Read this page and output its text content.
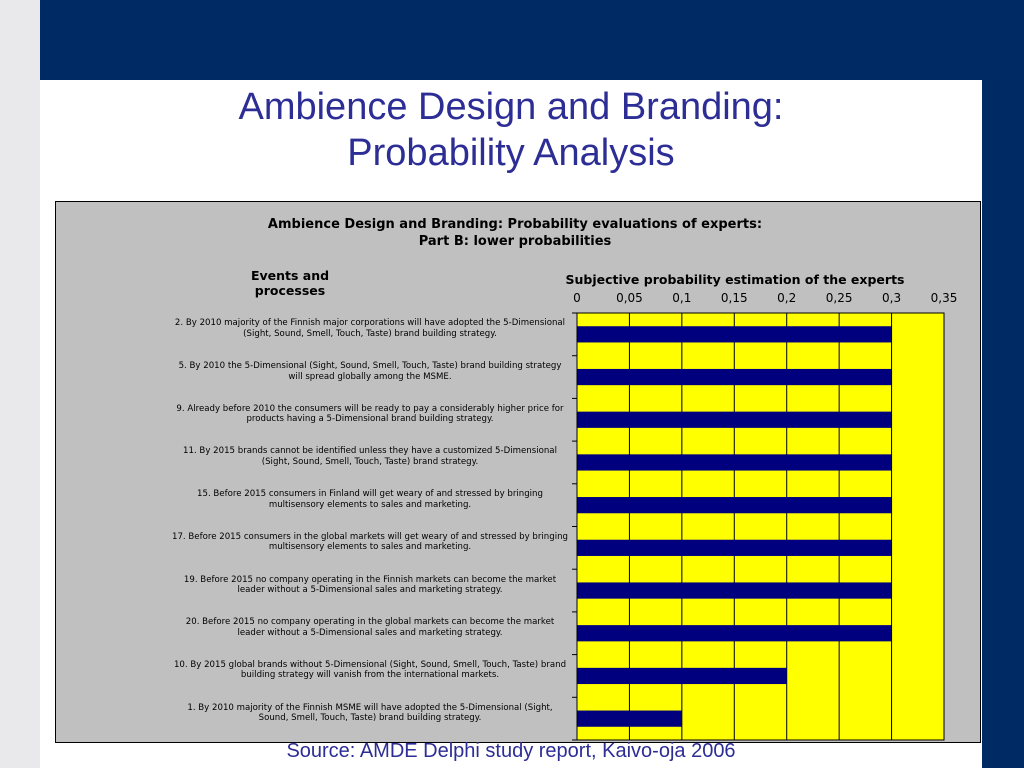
Ambience Design and Branding:
Probability Analysis
Ambience Design and Branding: Probability evaluations of experts:
Part B: lower probabilities
Events and
processes
Subjective probability estimation of the experts
0	0,05 0,1 0,15 0,2 0,25 0,3 0,35
2. By 2010 majority of the Finnish major corporations will have adopted the 5-Dimensional (Sight, Sound, Smell, Touch, Taste) brand building strategy.
5. By 2010 the 5-Dimensional (Sight, Sound, Smell, Touch, Taste) brand building strategy will spread globally among the MSME.
9. Already before 2010 the consumers will be ready to pay a considerably higher price for products having a 5-Dimensional brand building strategy.
11. By 2015 brands cannot be identified unless they have a customized 5-Dimensional (Sight, Sound, Smell, Touch, Taste) brand strategy.
15. Before 2015 consumers in Finland will get weary of and stressed by bringing multisensory elements to sales and marketing.
17. Before 2015 consumers in the global markets will get weary of and stressed by bringing multisensory elements to sales and marketing.
19. Before 2015 no company operating in the Finnish markets can become the market leader without a 5-Dimensional sales and marketing strategy.
20. Before 2015 no company operating in the global markets can become the market leader without a 5-Dimensional sales and marketing strategy.
10. By 2015 global brands without 5-Dimensional (Sight, Sound, Smell, Touch, Taste) brand building strategy will vanish from the international markets.
1. By 2010 majority of the Finnish MSME will have adopted the 5-Dimensional (Sight, Sound, Smell, Touch, Taste) brand building strategy.
Source: AMDE Delphi study report, Kaivo-oja 2006
